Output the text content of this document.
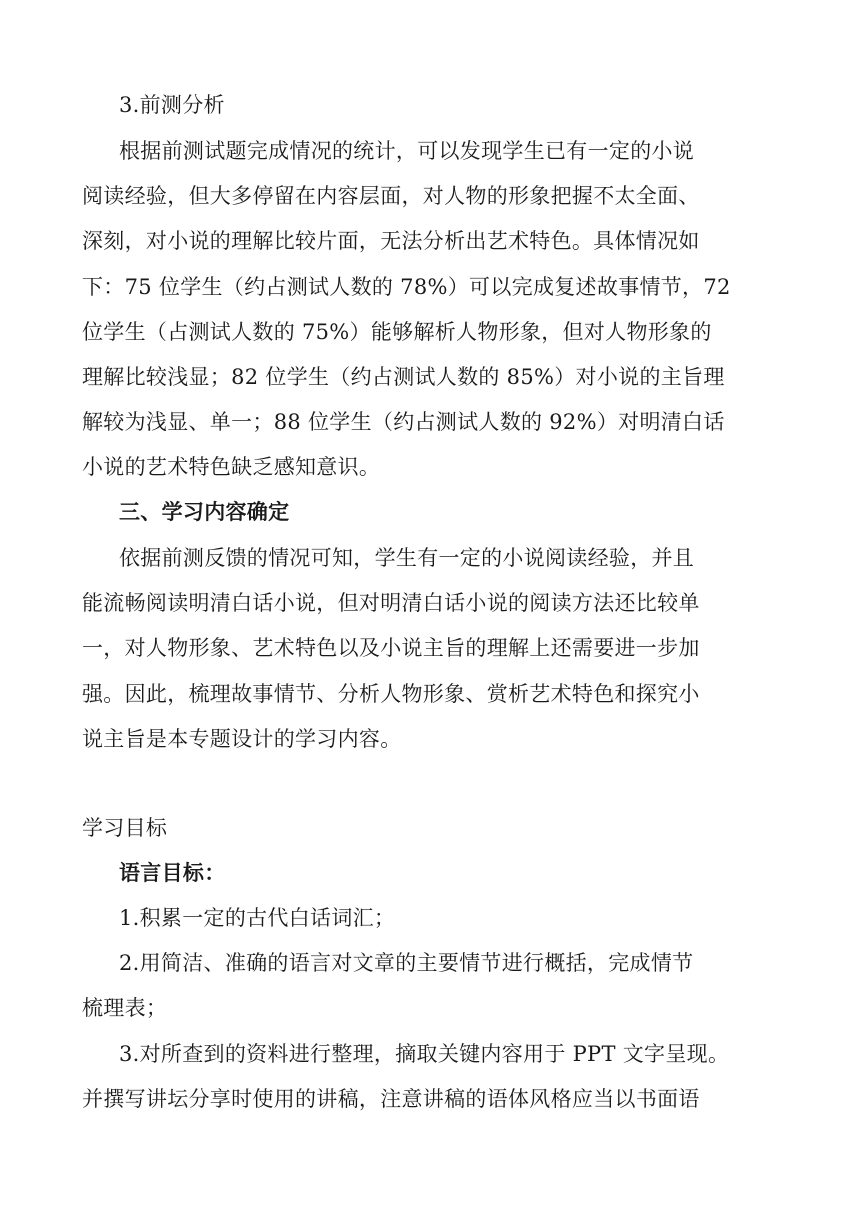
3.前测分析
根据前测试题完成情况的统计，可以发现学生已有一定的小说
阅读经验，但大多停留在内容层面，对人物的形象把握不太全面、
深刻，对小说的理解比较片面，无法分析出艺术特色。具体情况如
下：75 位学生（约占测试人数的 78%）可以完成复述故事情节，72
位学生（占测试人数的 75%）能够解析人物形象，但对人物形象的
理解比较浅显；82 位学生（约占测试人数的 85%）对小说的主旨理
解较为浅显、单一；88 位学生（约占测试人数的 92%）对明清白话
小说的艺术特色缺乏感知意识。
三、学习内容确定
依据前测反馈的情况可知，学生有一定的小说阅读经验，并且
能流畅阅读明清白话小说，但对明清白话小说的阅读方法还比较单
一，对人物形象、艺术特色以及小说主旨的理解上还需要进一步加
强。因此，梳理故事情节、分析人物形象、赏析艺术特色和探究小
说主旨是本专题设计的学习内容。
学习目标
语言目标：
1.积累一定的古代白话词汇；
2.用简洁、准确的语言对文章的主要情节进行概括，完成情节
梳理表；
3.对所查到的资料进行整理，摘取关键内容用于 PPT 文字呈现。
并撰写讲坛分享时使用的讲稿，注意讲稿的语体风格应当以书面语
